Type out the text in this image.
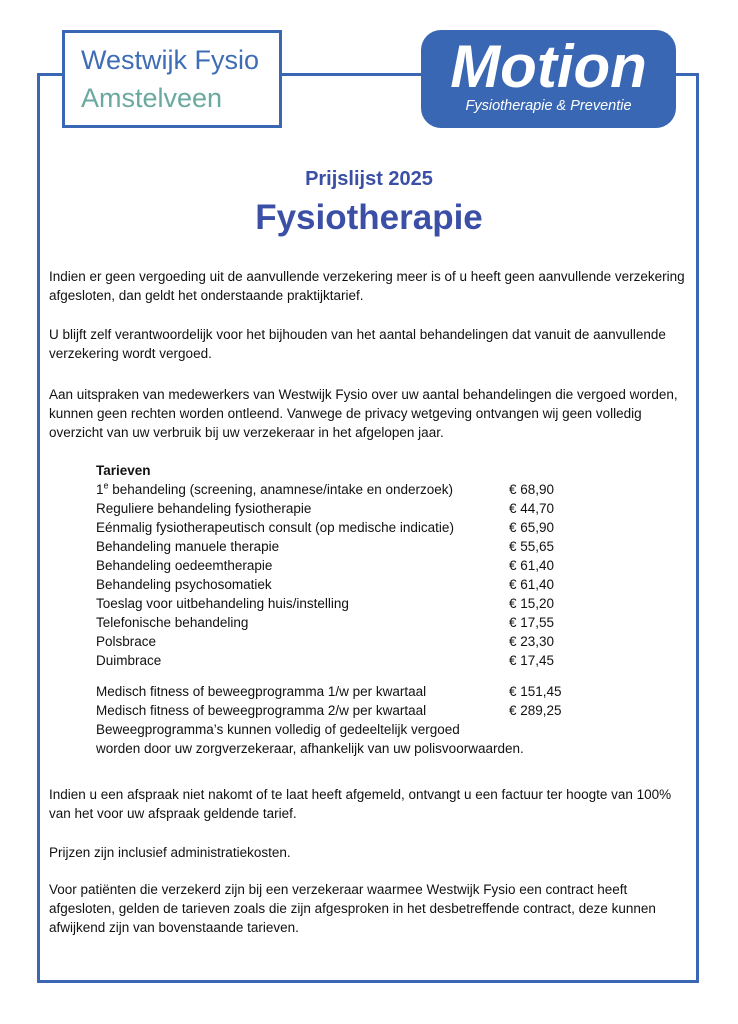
Westwijk Fysio
Amstelveen	Motion
Fysiotherapie & Preventie
Prijslijst 2025
Fysiotherapie
Indien er geen vergoeding uit de aanvullende verzekering meer is of u heeft geen aanvullende verzekering afgesloten, dan geldt het onderstaande praktijktarief.
U blijft zelf verantwoordelijk voor het bijhouden van het aantal behandelingen dat vanuit de aanvullende verzekering wordt vergoed.
Aan uitspraken van medewerkers van Westwijk Fysio over uw aantal behandelingen die vergoed worden, kunnen geen rechten worden ontleend. Vanwege de privacy wetgeving ontvangen wij geen volledig overzicht van uw verbruik bij uw verzekeraar in het afgelopen jaar.
Tarieven
1e behandeling (screening, anamnese/intake en onderzoek)	€ 68,90
Reguliere behandeling fysiotherapie	€ 44,70
Eénmalig fysiotherapeutisch consult (op medische indicatie)	€ 65,90
Behandeling manuele therapie	€ 55,65
Behandeling oedeemtherapie	€ 61,40
Behandeling psychosomatiek	€ 61,40
Toeslag voor uitbehandeling huis/instelling	€ 15,20
Telefonische behandeling	€ 17,55
Polsbrace	€ 23,30
Duimbrace	€ 17,45
Medisch fitness of beweegprogramma 1/w per kwartaal	€ 151,45
Medisch fitness of beweegprogramma 2/w per kwartaal	€ 289,25
Beweegprogramma’s kunnen volledig of gedeeltelijk vergoed
worden door uw zorgverzekeraar, afhankelijk van uw polisvoorwaarden.
Indien u een afspraak niet nakomt of te laat heeft afgemeld, ontvangt u een factuur ter hoogte van 100% van het voor uw afspraak geldende tarief.
Prijzen zijn inclusief administratiekosten.
Voor patiënten die verzekerd zijn bij een verzekeraar waarmee Westwijk Fysio een contract heeft afgesloten, gelden de tarieven zoals die zijn afgesproken in het desbetreffende contract, deze kunnen afwijkend zijn van bovenstaande tarieven.
